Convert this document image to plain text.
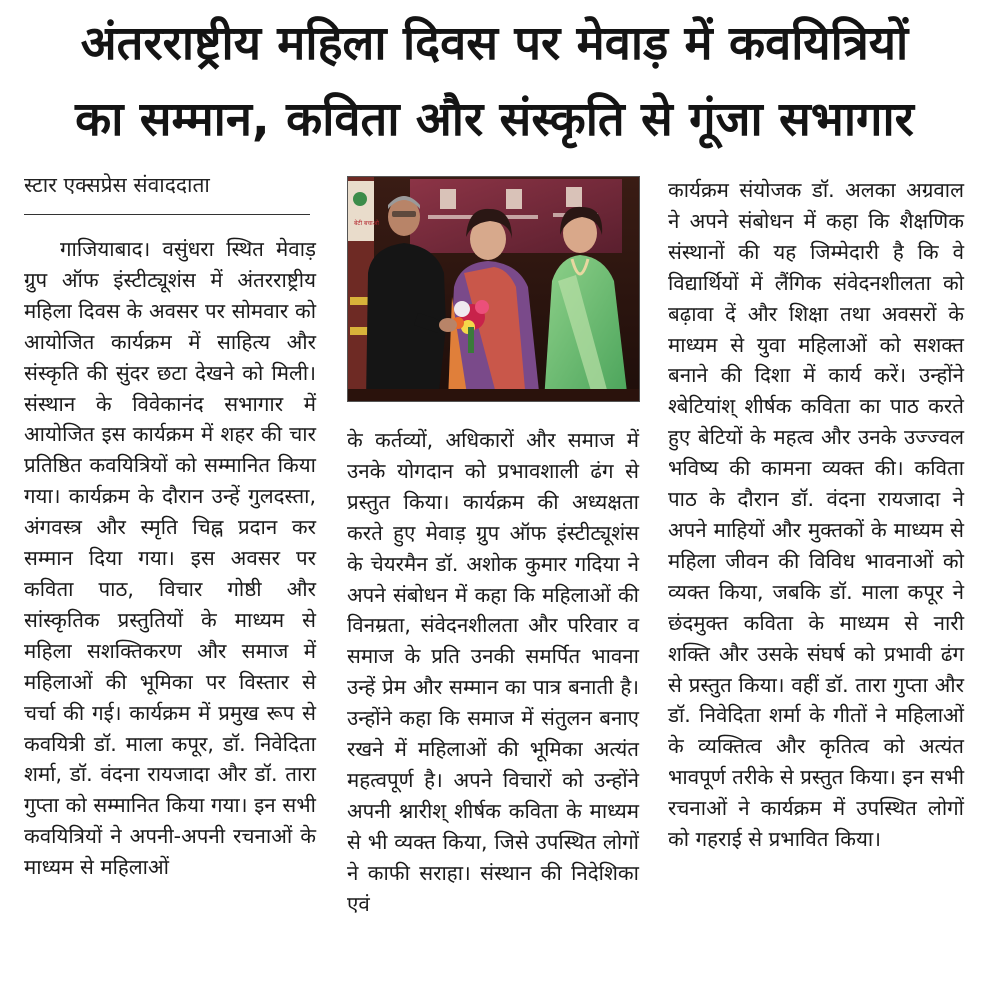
अंतरराष्ट्रीय महिला दिवस पर मेवाड़ में कवयित्रियों
का सम्मान, कविता और संस्कृति से गूंजा सभागार
स्टार एक्सप्रेस संवाददाता

गाजियाबाद। वसुंधरा स्थित मेवाड़ ग्रुप ऑफ इंस्टीट्यूशंस में अंतरराष्ट्रीय महिला दिवस के अवसर पर सोमवार को आयोजित कार्यक्रम में साहित्य और संस्कृति की सुंदर छटा देखने को मिली। संस्थान के विवेकानंद सभागार में आयोजित इस कार्यक्रम में शहर की चार प्रतिष्ठित कवयित्रियों को सम्मानित किया गया। कार्यक्रम के दौरान उन्हें गुलदस्ता, अंगवस्त्र और स्मृति चिह्न प्रदान कर सम्मान दिया गया। इस अवसर पर कविता पाठ, विचार गोष्ठी और सांस्कृतिक प्रस्तुतियों के माध्यम से महिला सशक्तिकरण और समाज में महिलाओं की भूमिका पर विस्तार से चर्चा की गई। कार्यक्रम में प्रमुख रूप से कवयित्री डॉ. माला कपूर, डॉ. निवेदिता शर्मा, डॉ. वंदना रायजादा और डॉ. तारा गुप्ता को सम्मानित किया गया। इन सभी कवयित्रियों ने अपनी-अपनी रचनाओं के माध्यम से महिलाओं

बेटी बचाओ

के कर्तव्यों, अधिकारों और समाज में उनके योगदान को प्रभावशाली ढंग से प्रस्तुत किया। कार्यक्रम की अध्यक्षता करते हुए मेवाड़ ग्रुप ऑफ इंस्टीट्यूशंस के चेयरमैन डॉ. अशोक कुमार गदिया ने अपने संबोधन में कहा कि महिलाओं की विनम्रता, संवेदनशीलता और परिवार व समाज के प्रति उनकी समर्पित भावना उन्हें प्रेम और सम्मान का पात्र बनाती है। उन्होंने कहा कि समाज में संतुलन बनाए रखने में महिलाओं की भूमिका अत्यंत महत्वपूर्ण है। अपने विचारों को उन्होंने अपनी श्नारीश् शीर्षक कविता के माध्यम से भी व्यक्त किया, जिसे उपस्थित लोगों ने काफी सराहा। संस्थान की निदेशिका एवं

कार्यक्रम संयोजक डॉ. अलका अग्रवाल ने अपने संबोधन में कहा कि शैक्षणिक संस्थानों की यह जिम्मेदारी है कि वे विद्यार्थियों में लैंगिक संवेदनशीलता को बढ़ावा दें और शिक्षा तथा अवसरों के माध्यम से युवा महिलाओं को सशक्त बनाने की दिशा में कार्य करें। उन्होंने श्बेटियांश् शीर्षक कविता का पाठ करते हुए बेटियों के महत्व और उनके उज्ज्वल भविष्य की कामना व्यक्त की। कविता पाठ के दौरान डॉ. वंदना रायजादा ने अपने माहियों और मुक्तकों के माध्यम से महिला जीवन की विविध भावनाओं को व्यक्त किया, जबकि डॉ. माला कपूर ने छंदमुक्त कविता के माध्यम से नारी शक्ति और उसके संघर्ष को प्रभावी ढंग से प्रस्तुत किया। वहीं डॉ. तारा गुप्ता और डॉ. निवेदिता शर्मा के गीतों ने महिलाओं के व्यक्तित्व और कृतित्व को अत्यंत भावपूर्ण तरीके से प्रस्तुत किया। इन सभी रचनाओं ने कार्यक्रम में उपस्थित लोगों को गहराई से प्रभावित किया।
